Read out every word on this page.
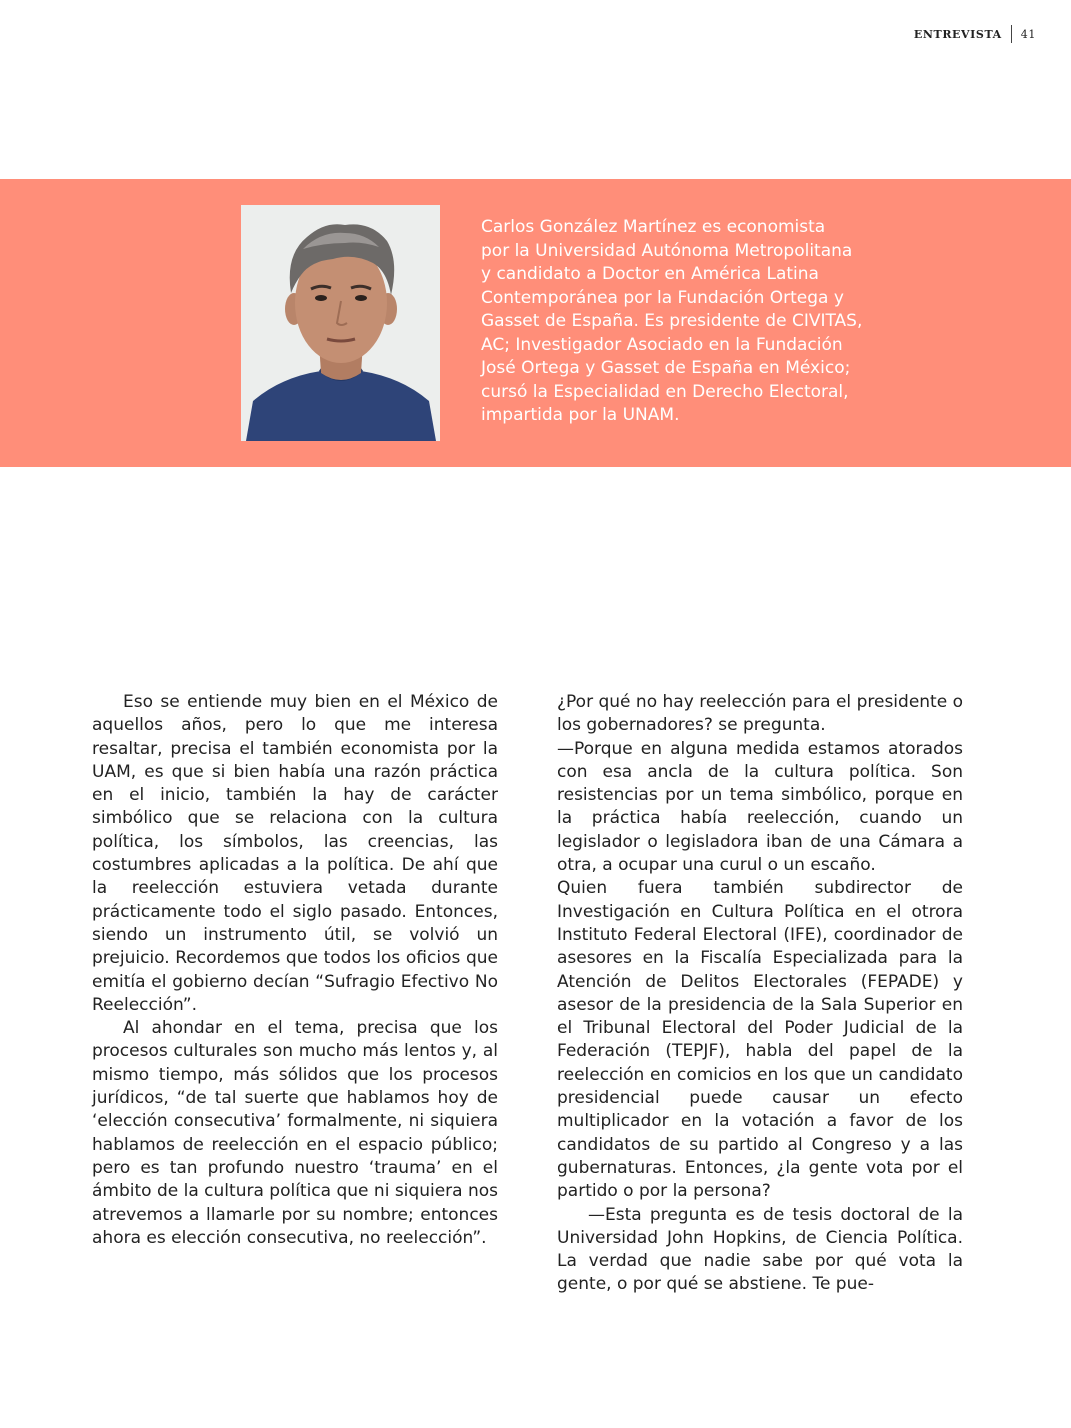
ENTREVISTA 41

Carlos González Martínez es economista
por la Universidad Autónoma Metropolitana
y candidato a Doctor en América Latina
Contemporánea por la Fundación Ortega y
Gasset de España. Es presidente de CIVITAS,
AC; Investigador Asociado en la Fundación
José Ortega y Gasset de España en México;
cursó la Especialidad en Derecho Electoral,
impartida por la UNAM.

Eso se entiende muy bien en el México de aquellos años, pero lo que me interesa resaltar, precisa el también economista por la UAM, es que si bien había una razón práctica en el inicio, también la hay de carácter simbólico que se relaciona con la cultura política, los símbolos, las creencias, las costumbres aplicadas a la política. De ahí que la reelección estuviera vetada durante prácticamente todo el siglo pasado. Entonces, siendo un instrumento útil, se volvió un prejuicio. Recordemos que todos los oficios que emitía el gobierno decían “Sufragio Efectivo No Reelección”.

Al ahondar en el tema, precisa que los procesos culturales son mucho más lentos y, al mismo tiempo, más sólidos que los procesos jurídicos, “de tal suerte que hablamos hoy de ‘elección consecutiva’ formalmente, ni siquiera hablamos de reelección en el espacio público; pero es tan profundo nuestro ‘trauma’ en el ámbito de la cultura política que ni siquiera nos atrevemos a llamarle por su nombre; entonces ahora es elección consecutiva, no reelección”.

¿Por qué no hay reelección para el presidente o los gobernadores? se pregunta.

—Porque en alguna medida estamos atorados con esa ancla de la cultura política. Son resistencias por un tema simbólico, porque en la práctica había reelección, cuando un legislador o legisladora iban de una Cámara a otra, a ocupar una curul o un escaño.

Quien fuera también subdirector de Investigación en Cultura Política en el otrora Instituto Federal Electoral (IFE), coordinador de asesores en la Fiscalía Especializada para la Atención de Delitos Electorales (FEPADE) y asesor de la presidencia de la Sala Superior en el Tribunal Electoral del Poder Judicial de la Federación (TEPJF), habla del papel de la reelección en comicios en los que un candidato presidencial puede causar un efecto multiplicador en la votación a favor de los candidatos de su partido al Congreso y a las gubernaturas. Entonces, ¿la gente vota por el partido o por la persona?

—Esta pregunta es de tesis doctoral de la Universidad John Hopkins, de Ciencia Política. La verdad que nadie sabe por qué vota la gente, o por qué se abstiene. Te pue-
